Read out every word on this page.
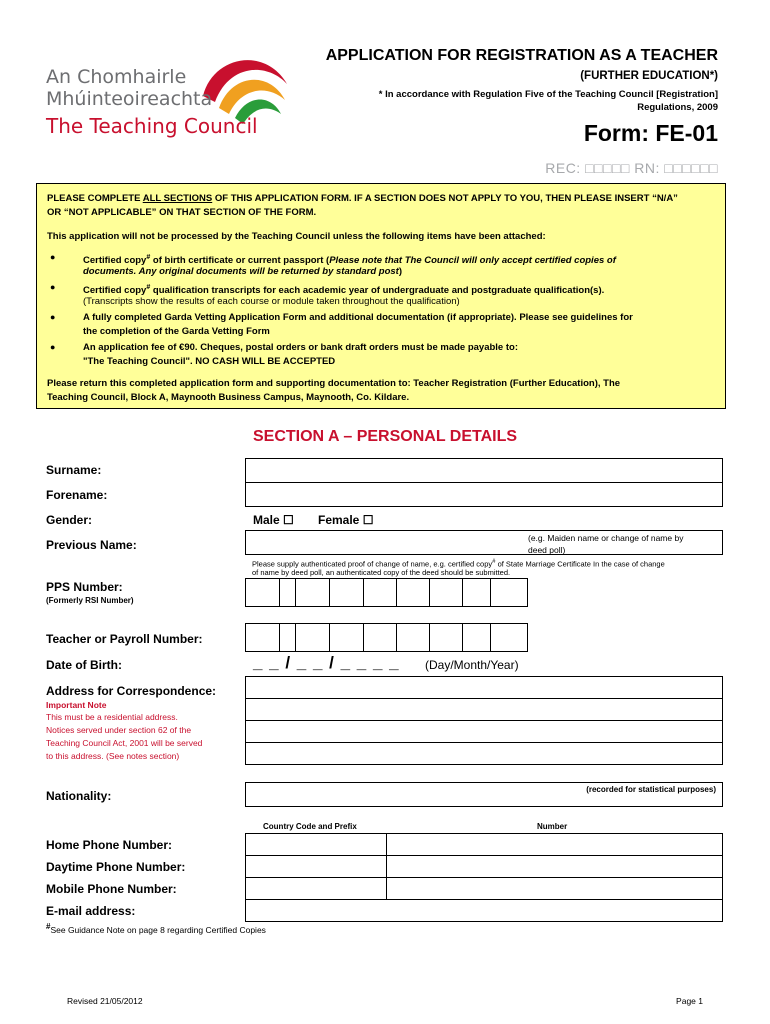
An Chomhairle
Mhúinteoireachta
The Teaching Council
APPLICATION FOR REGISTRATION AS A TEACHER
(FURTHER EDUCATION*)
* In accordance with Regulation Five of the Teaching Council [Registration]
Regulations, 2009
Form: FE-01
REC: □□□□□ RN: □□□□□□
PLEASE COMPLETE ALL SECTIONS OF THIS APPLICATION FORM. IF A SECTION DOES NOT APPLY TO YOU, THEN PLEASE INSERT “N/A”
OR “NOT APPLICABLE” ON THAT SECTION OF THE FORM.
This application will not be processed by the Teaching Council unless the following items have been attached:
●	Certified copy# of birth certificate or current passport (Please note that The Council will only accept certified copies of
documents. Any original documents will be returned by standard post)
●	Certified copy# qualification transcripts for each academic year of undergraduate and postgraduate qualification(s).
(Transcripts show the results of each course or module taken throughout the qualification)
●	A fully completed Garda Vetting Application Form and additional documentation (if appropriate). Please see guidelines for
the completion of the Garda Vetting Form
●	An application fee of €90. Cheques, postal orders or bank draft orders must be made payable to:
"The Teaching Council". NO CASH WILL BE ACCEPTED
Please return this completed application form and supporting documentation to: Teacher Registration (Further Education), The
Teaching Council, Block A, Maynooth Business Campus, Maynooth, Co. Kildare.
SECTION A – PERSONAL DETAILS
Surname:
Forename:
Gender:	Male ☐ Female ☐
Previous Name:	(e.g. Maiden name or change of name by
deed poll)
Please supply authenticated proof of change of name, e.g. certified copy# of State Marriage Certificate In the case of change
of name by deed poll, an authenticated copy of the deed should be submitted.
PPS Number:
(Formerly RSI Number)
Teacher or Payroll Number:
Date of Birth:	_ _ / _ _ / _ _ _ _ (Day/Month/Year)
Address for Correspondence:
Important Note
This must be a residential address.
Notices served under section 62 of the
Teaching Council Act, 2001 will be served
to this address. (See notes section)
Nationality:	(recorded for statistical purposes)
Country Code and Prefix	Number
Home Phone Number:
Daytime Phone Number:
Mobile Phone Number:
E-mail address:
#See Guidance Note on page 8 regarding Certified Copies
Revised 21/05/2012	Page 1
